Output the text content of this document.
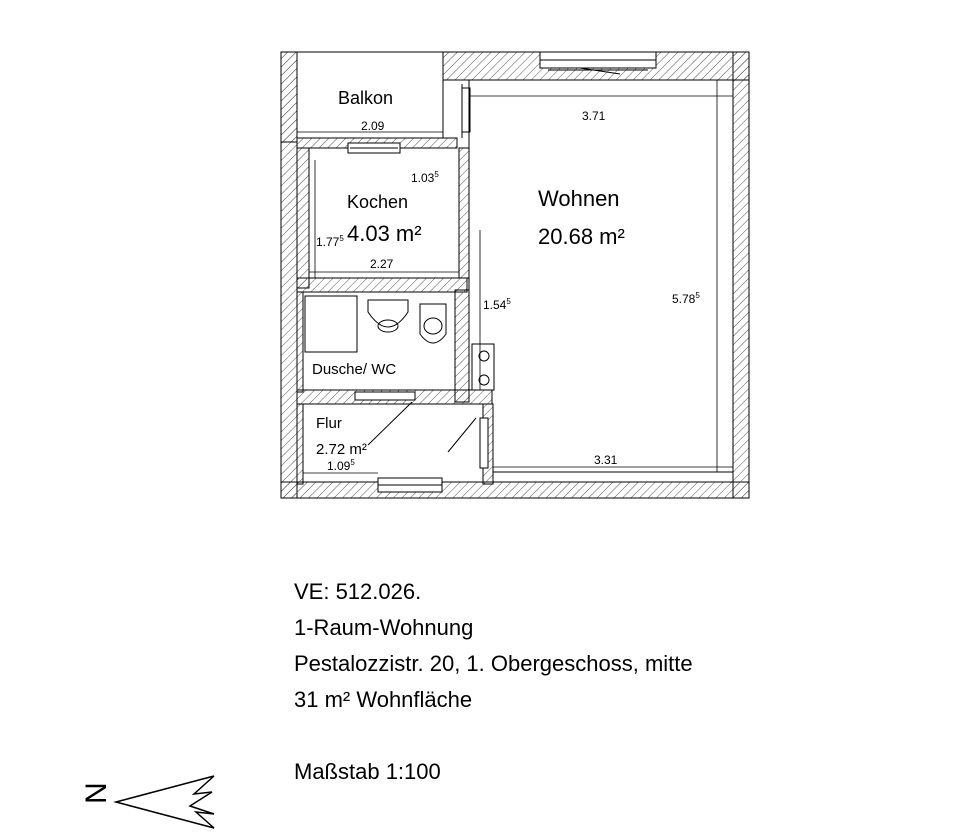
Balkon
Kochen
4.03 m²
Wohnen
20.68 m²
Dusche/ WC
Flur
2.72 m²
2.09
1.03$^5$
1.77$^5$
2.27
3.71
3.31
5.78$^5$
1.54$^5$
1.09$^5$
VE: 512.026.
1-Raum-Wohnung
Pestalozzistr. 20, 1. Obergeschoss, mitte
31 m² Wohnfläche
Maßstab 1:100
N
